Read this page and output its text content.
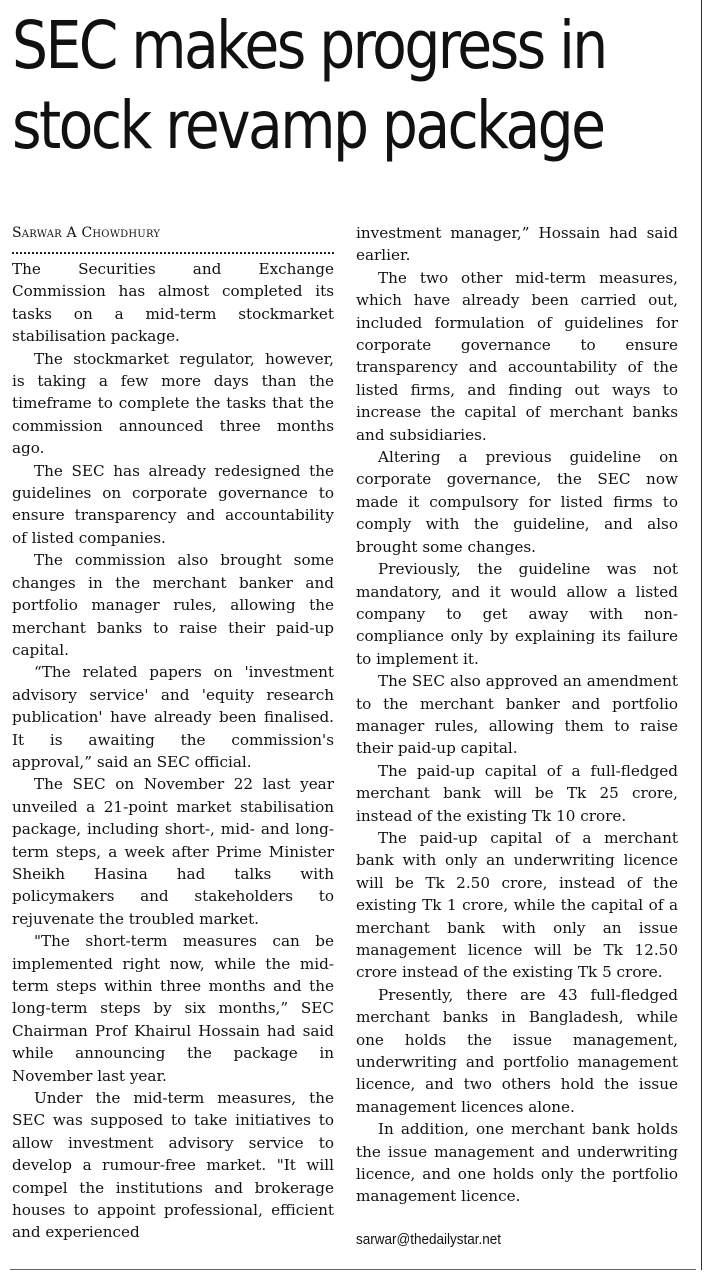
SEC makes progress in
stock revamp package
Sarwar A Chowdhury

The Securities and Exchange Commission has almost completed its tasks on a mid-term stockmarket stabilisation package.

The stockmarket regulator, however, is taking a few more days than the timeframe to complete the tasks that the commission announced three months ago.

The SEC has already redesigned the guidelines on corporate governance to ensure transparency and accountability of listed companies.

The commission also brought some changes in the merchant banker and portfolio manager rules, allowing the merchant banks to raise their paid-up capital.

“The related papers on 'investment advisory service' and 'equity research publication' have already been finalised. It is awaiting the commission's approval,” said an SEC official.

The SEC on November 22 last year unveiled a 21-point market stabilisation package, including short-, mid- and long-term steps, a week after Prime Minister Sheikh Hasina had talks with policymakers and stakeholders to rejuvenate the troubled market.

"The short-term measures can be implemented right now, while the mid-term steps within three months and the long-term steps by six months,” SEC Chairman Prof Khairul Hossain had said while announcing the package in November last year.

Under the mid-term measures, the SEC was supposed to take initiatives to allow investment advisory service to develop a rumour-free market. "It will compel the institutions and brokerage houses to appoint professional, efficient and experienced

investment manager,” Hossain had said earlier.

The two other mid-term measures, which have already been carried out, included formulation of guidelines for corporate governance to ensure transparency and accountability of the listed firms, and finding out ways to increase the capital of merchant banks and subsidiaries.

Altering a previous guideline on corporate governance, the SEC now made it compulsory for listed firms to comply with the guideline, and also brought some changes.

Previously, the guideline was not mandatory, and it would allow a listed company to get away with non-compliance only by explaining its failure to implement it.

The SEC also approved an amendment to the merchant banker and portfolio manager rules, allowing them to raise their paid-up capital.

The paid-up capital of a full-fledged merchant bank will be Tk 25 crore, instead of the existing Tk 10 crore.

The paid-up capital of a merchant bank with only an underwriting licence will be Tk 2.50 crore, instead of the existing Tk 1 crore, while the capital of a merchant bank with only an issue management licence will be Tk 12.50 crore instead of the existing Tk 5 crore.

Presently, there are 43 full-fledged merchant banks in Bangladesh, while one holds the issue management, underwriting and portfolio management licence, and two others hold the issue management licences alone.

In addition, one merchant bank holds the issue management and underwriting licence, and one holds only the portfolio management licence.

sarwar@thedailystar.net
